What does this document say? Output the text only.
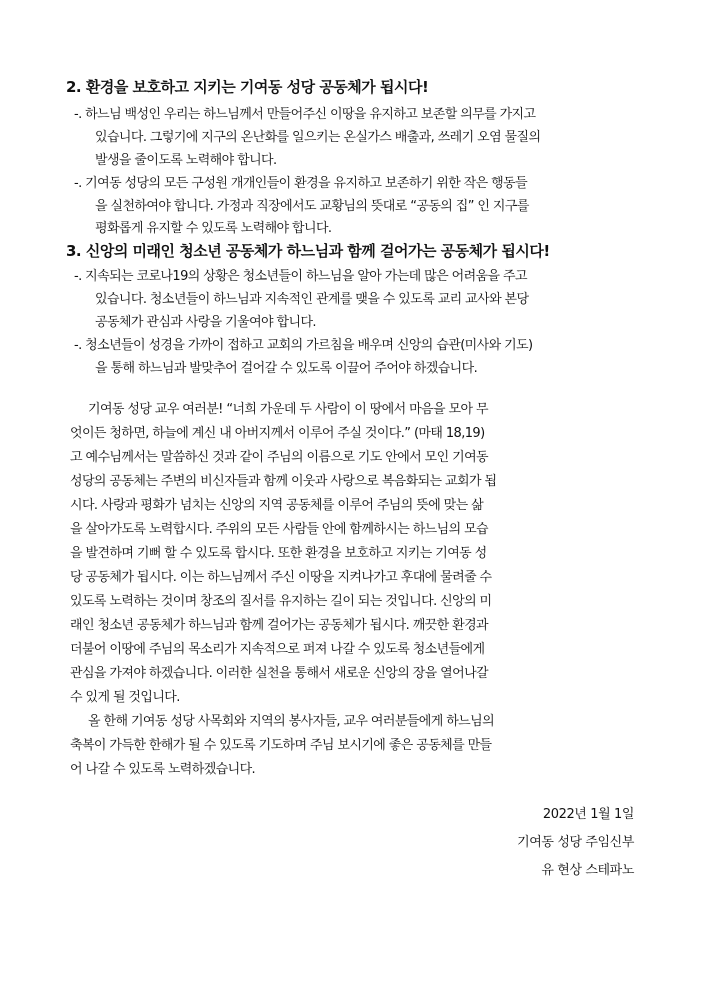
2. 환경을 보호하고 지키는 기여동 성당 공동체가 됩시다!
-. 하느님 백성인 우리는 하느님께서 만들어주신 이땅을 유지하고 보존할 의무를 가지고
있습니다. 그렇기에 지구의 온난화를 일으키는 온실가스 배출과, 쓰레기 오염 물질의
발생을 줄이도록 노력해야 합니다.
-. 기여동 성당의 모든 구성원 개개인들이 환경을 유지하고 보존하기 위한 작은 행동들
을 실천하여야 합니다. 가정과 직장에서도 교황님의 뜻대로 “공동의 집” 인 지구를
평화롭게 유지할 수 있도록 노력해야 합니다.
3. 신앙의 미래인 청소년 공동체가 하느님과 함께 걸어가는 공동체가 됩시다!
-. 지속되는 코로나19의 상황은 청소년들이 하느님을 알아 가는데 많은 어려움을 주고
있습니다. 청소년들이 하느님과 지속적인 관계를 맺을 수 있도록 교리 교사와 본당
공동체가 관심과 사랑을 기울여야 합니다.
-. 청소년들이 성경을 가까이 접하고 교회의 가르침을 배우며 신앙의 습관(미사와 기도)
을 통해 하느님과 발맞추어 걸어갈 수 있도록 이끌어 주어야 하겠습니다.
기여동 성당 교우 여러분! “너희 가운데 두 사람이 이 땅에서 마음을 모아 무
엇이든 청하면, 하늘에 계신 내 아버지께서 이루어 주실 것이다.” (마태 18,19)
고 예수님께서는 말씀하신 것과 같이 주님의 이름으로 기도 안에서 모인 기여동
성당의 공동체는 주변의 비신자들과 함께 이웃과 사랑으로 복음화되는 교회가 됩
시다. 사랑과 평화가 넘치는 신앙의 지역 공동체를 이루어 주님의 뜻에 맞는 삶
을 살아가도록 노력합시다. 주위의 모든 사람들 안에 함께하시는 하느님의 모습
을 발견하며 기뻐 할 수 있도록 합시다. 또한 환경을 보호하고 지키는 기여동 성
당 공동체가 됩시다. 이는 하느님께서 주신 이땅을 지켜나가고 후대에 물려줄 수
있도록 노력하는 것이며 창조의 질서를 유지하는 길이 되는 것입니다. 신앙의 미
래인 청소년 공동체가 하느님과 함께 걸어가는 공동체가 됩시다. 깨끗한 환경과
더불어 이땅에 주님의 목소리가 지속적으로 퍼져 나갈 수 있도록 청소년들에게
관심을 가져야 하겠습니다. 이러한 실천을 통해서 새로운 신앙의 장을 열어나갈
수 있게 될 것입니다.
올 한해 기여동 성당 사목회와 지역의 봉사자들, 교우 여러분들에게 하느님의
축복이 가득한 한해가 될 수 있도록 기도하며 주님 보시기에 좋은 공동체를 만들
어 나갈 수 있도록 노력하겠습니다.
2022년 1월 1일
기여동 성당 주임신부
유 현상 스테파노
